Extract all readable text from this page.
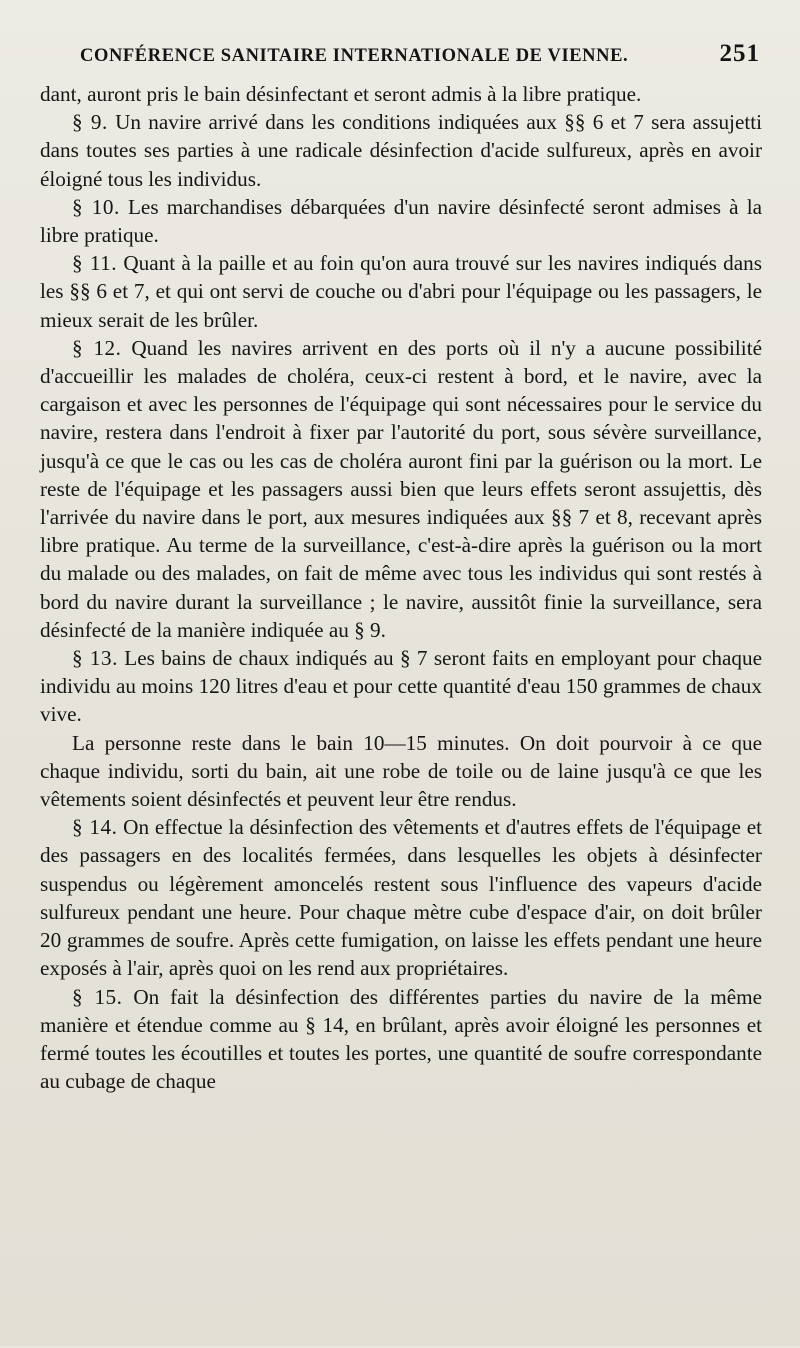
CONFÉRENCE SANITAIRE INTERNATIONALE DE VIENNE.	251

dant, auront pris le bain désinfectant et seront admis à la libre pratique.

§ 9. Un navire arrivé dans les conditions indiquées aux §§ 6 et 7 sera assujetti dans toutes ses parties à une radicale désinfection d'acide sulfureux, après en avoir éloigné tous les individus.

§ 10. Les marchandises débarquées d'un navire désinfecté seront admises à la libre pratique.

§ 11. Quant à la paille et au foin qu'on aura trouvé sur les navires indiqués dans les §§ 6 et 7, et qui ont servi de couche ou d'abri pour l'équipage ou les passagers, le mieux serait de les brûler.

§ 12. Quand les navires arrivent en des ports où il n'y a aucune possibilité d'accueillir les malades de choléra, ceux-ci restent à bord, et le navire, avec la cargaison et avec les personnes de l'équipage qui sont nécessaires pour le service du navire, restera dans l'endroit à fixer par l'autorité du port, sous sévère surveillance, jusqu'à ce que le cas ou les cas de choléra auront fini par la guérison ou la mort. Le reste de l'équipage et les passagers aussi bien que leurs effets seront assujettis, dès l'arrivée du navire dans le port, aux mesures indiquées aux §§ 7 et 8, recevant après libre pratique. Au terme de la surveillance, c'est-à-dire après la guérison ou la mort du malade ou des malades, on fait de même avec tous les individus qui sont restés à bord du navire durant la surveillance ; le navire, aussitôt finie la surveillance, sera désinfecté de la manière indiquée au § 9.

§ 13. Les bains de chaux indiqués au § 7 seront faits en employant pour chaque individu au moins 120 litres d'eau et pour cette quantité d'eau 150 grammes de chaux vive.

La personne reste dans le bain 10—15 minutes. On doit pourvoir à ce que chaque individu, sorti du bain, ait une robe de toile ou de laine jusqu'à ce que les vêtements soient désinfectés et peuvent leur être rendus.

§ 14. On effectue la désinfection des vêtements et d'autres effets de l'équipage et des passagers en des localités fermées, dans lesquelles les objets à désinfecter suspendus ou légèrement amoncelés restent sous l'influence des vapeurs d'acide sulfureux pendant une heure. Pour chaque mètre cube d'espace d'air, on doit brûler 20 grammes de soufre. Après cette fumigation, on laisse les effets pendant une heure exposés à l'air, après quoi on les rend aux propriétaires.

§ 15. On fait la désinfection des différentes parties du navire de la même manière et étendue comme au § 14, en brûlant, après avoir éloigné les personnes et fermé toutes les écoutilles et toutes les portes, une quantité de soufre correspondante au cubage de chaque
